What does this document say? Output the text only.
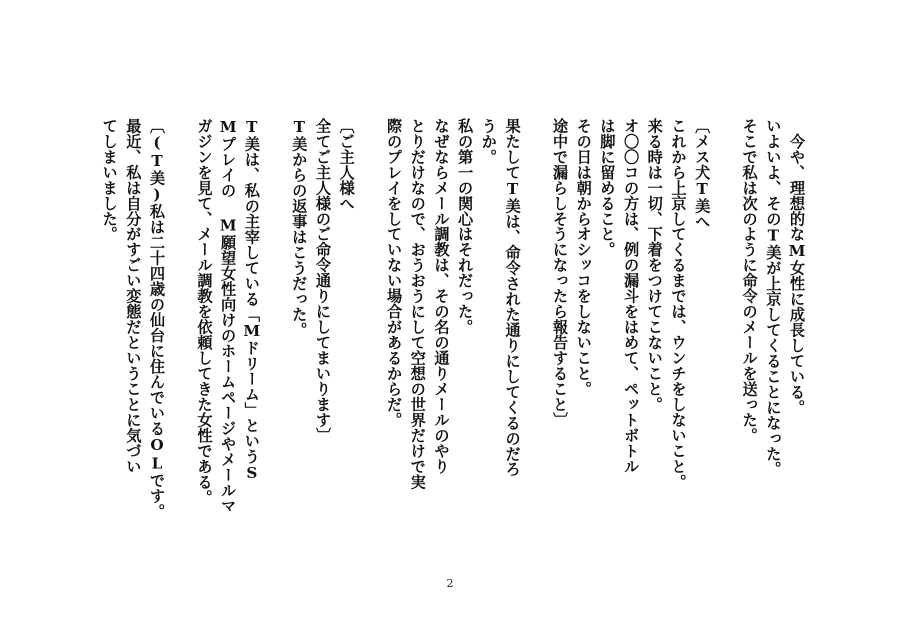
　今や、理想的なM女性に成長している。
いよいよ、そのT美が上京してくることになった。
そこで私は次のように命令のメールを送った。

〔メス犬T美へ
これから上京してくるまでは、ウンチをしないこと。
来る時は一切、下着をつけてこないこと。
オ〇〇コの方は、例の漏斗をはめて、ペットボトル
は脚に留めること。
その日は朝からオシッコをしないこと。
途中で漏らしそうになったら報告すること〕

果たしてT美は、命令された通りにしてくるのだろ
うか。
私の第一の関心はそれだった。
なぜならメール調教は、その名の通りメールのやり
とりだけなので、おうおうにして空想の世界だけで実
際のプレイをしていない場合があるからだ。

〔ご主人様へ
全てご主人様のご命令通りにしてまいります〕
T美からの返事はこうだった。

T美は、私の主宰している「Mドリーム」というS
Mプレイの M願望女性向けのホームページやメールマ
ガジンを見て、メール調教を依頼してきた女性である。

〔(T美)私は二十四歳の仙台に住んでいるOLです。
最近、私は自分がすごい変態だということに気づい
てしまいました。
2
